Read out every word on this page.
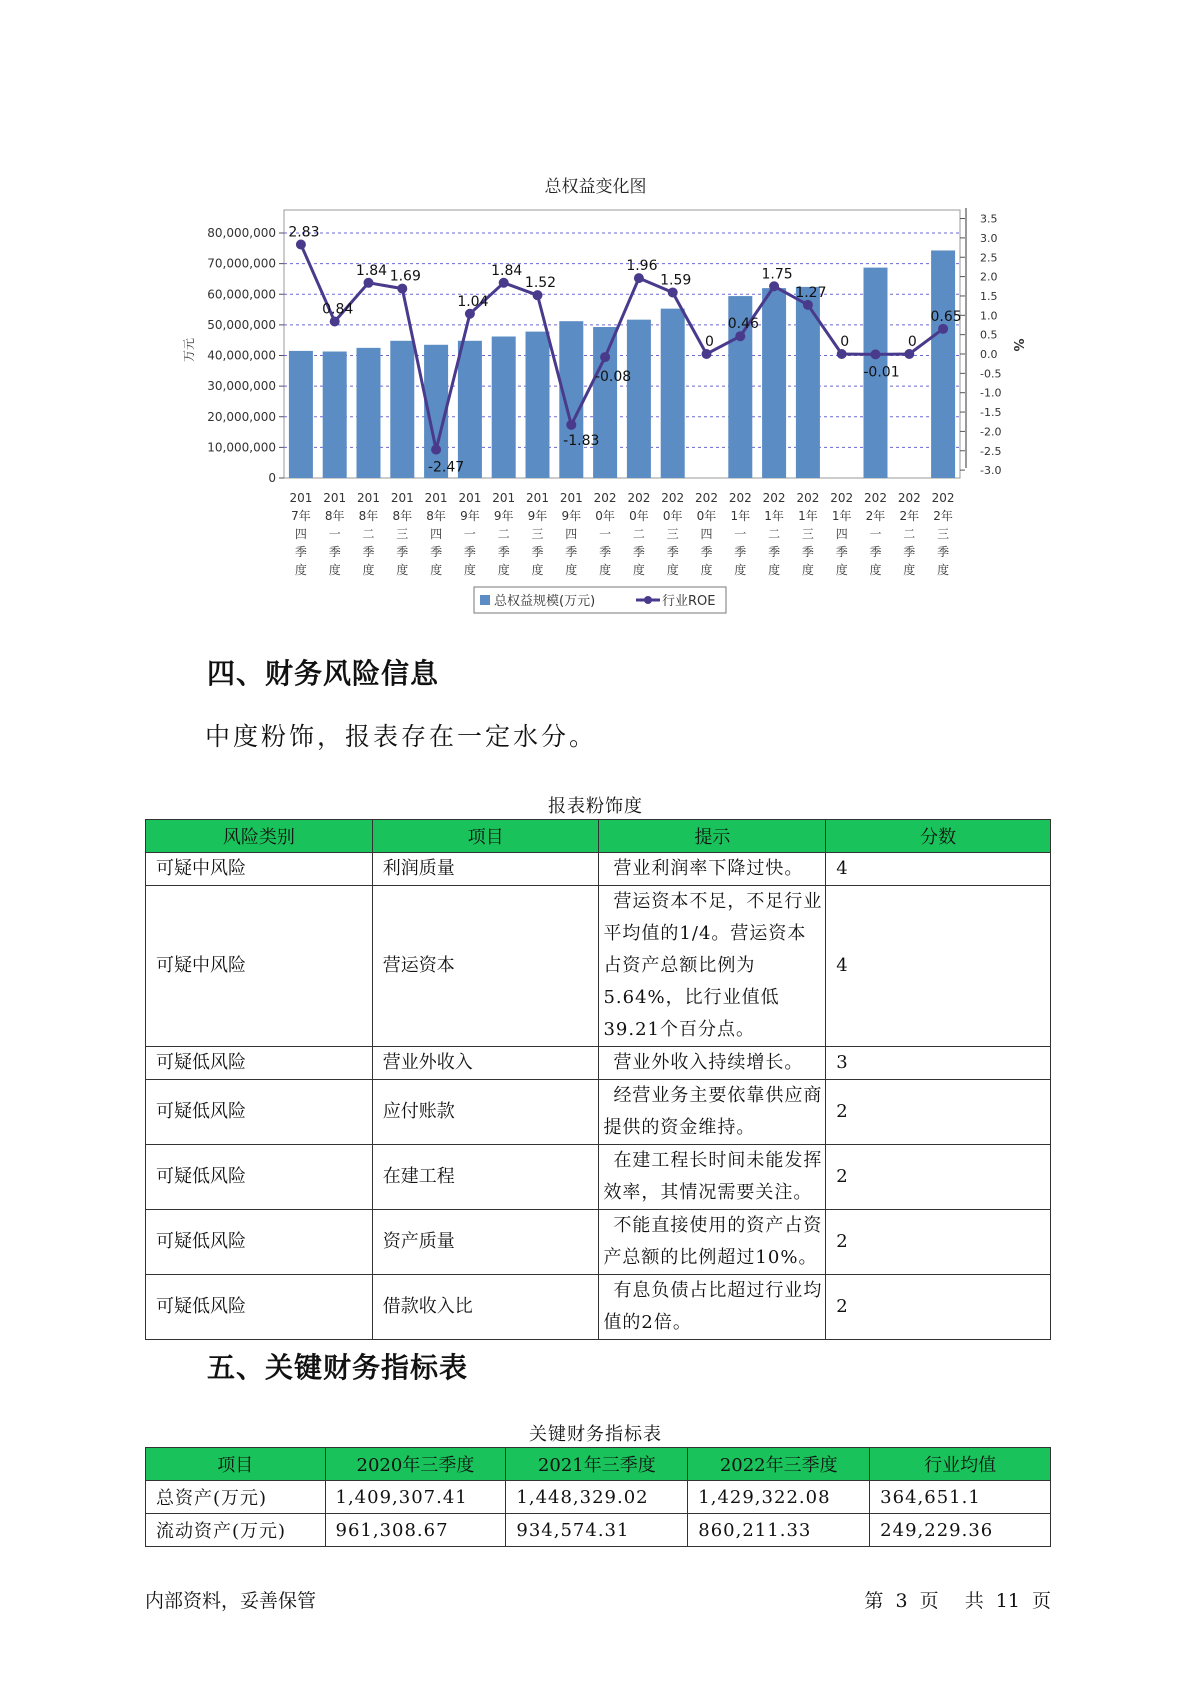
总权益变化图
0
10,000,000
20,000,000
30,000,000
40,000,000
50,000,000
60,000,000
70,000,000
80,000,000
3.5
3.0
2.5
2.0
1.5
1.0
0.5
0.0
-0.5
-1.0
-1.5
-2.0
-2.5
-3.0
万元	%
2.83
0.84
1.84 1.69
-2.47
1.04
1.84
1.52
-1.83
-0.08
1.96
1.59
0
0.46
1.75
1.27
0
-0.01
0
0.65
201
7年
四
季
度
201
8年
一
季
度
201
8年
二
季
度
201
8年
三
季
度
201
8年
四
季
度
201
9年
一
季
度
201
9年
二
季
度
201
9年
三
季
度
201
9年
四
季
度
202
0年
一
季
度
202
0年
二
季
度
202
0年
三
季
度
202
0年
四
季
度
202
1年
一
季
度
202
1年
二
季
度
202
1年
三
季
度
202
1年
四
季
度
202
2年
一
季
度
202
2年
二
季
度
202
2年
三
季
度
总权益规模(万元)	行业ROE
四、财务风险信息
中度粉饰，报表存在一定水分。
报表粉饰度
风险类别	项目	提示	分数
可疑中风险	利润质量	营业利润率下降过快。	4
可疑中风险	营运资本	营运资本不足，不足行业平均值的1/4。营运资本占资产总额比例为5.64%，比行业值低39.21个百分点。	4
可疑低风险	营业外收入	营业外收入持续增长。	3
可疑低风险	应付账款	经营业务主要依靠供应商提供的资金维持。	2
可疑低风险	在建工程	在建工程长时间未能发挥效率，其情况需要关注。	2
可疑低风险	资产质量	不能直接使用的资产占资产总额的比例超过10%。	2
可疑低风险	借款收入比	有息负债占比超过行业均值的2倍。	2
五、关键财务指标表
关键财务指标表
项目	2020年三季度	2021年三季度	2022年三季度	行业均值
总资产(万元)	1,409,307.41	1,448,329.02	1,429,322.08	364,651.1
流动资产(万元)	961,308.67	934,574.31	860,211.33	249,229.36
内部资料，妥善保管	第 3 页 共 11 页
